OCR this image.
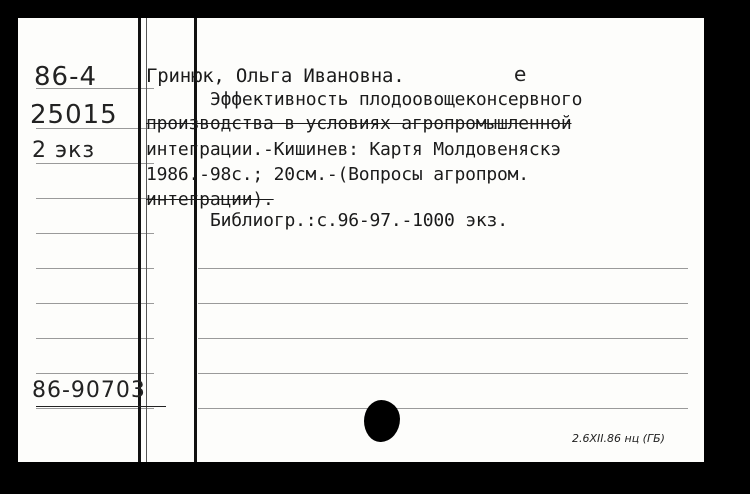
86-4
25015
2 экз
Гринюк, Ольга Ивановна.	е
Эффективность плодоовощеконсервного
производства в условиях агропромышленной
интеграции.-Кишинев: Картя Молдовеняскэ
1986.-98с.; 20см.-(Вопросы агропром.
интеграции).
Библиогр.:с.96-97.-1000 экз.
86-90703
2.6XII.86 нц (ГБ)
